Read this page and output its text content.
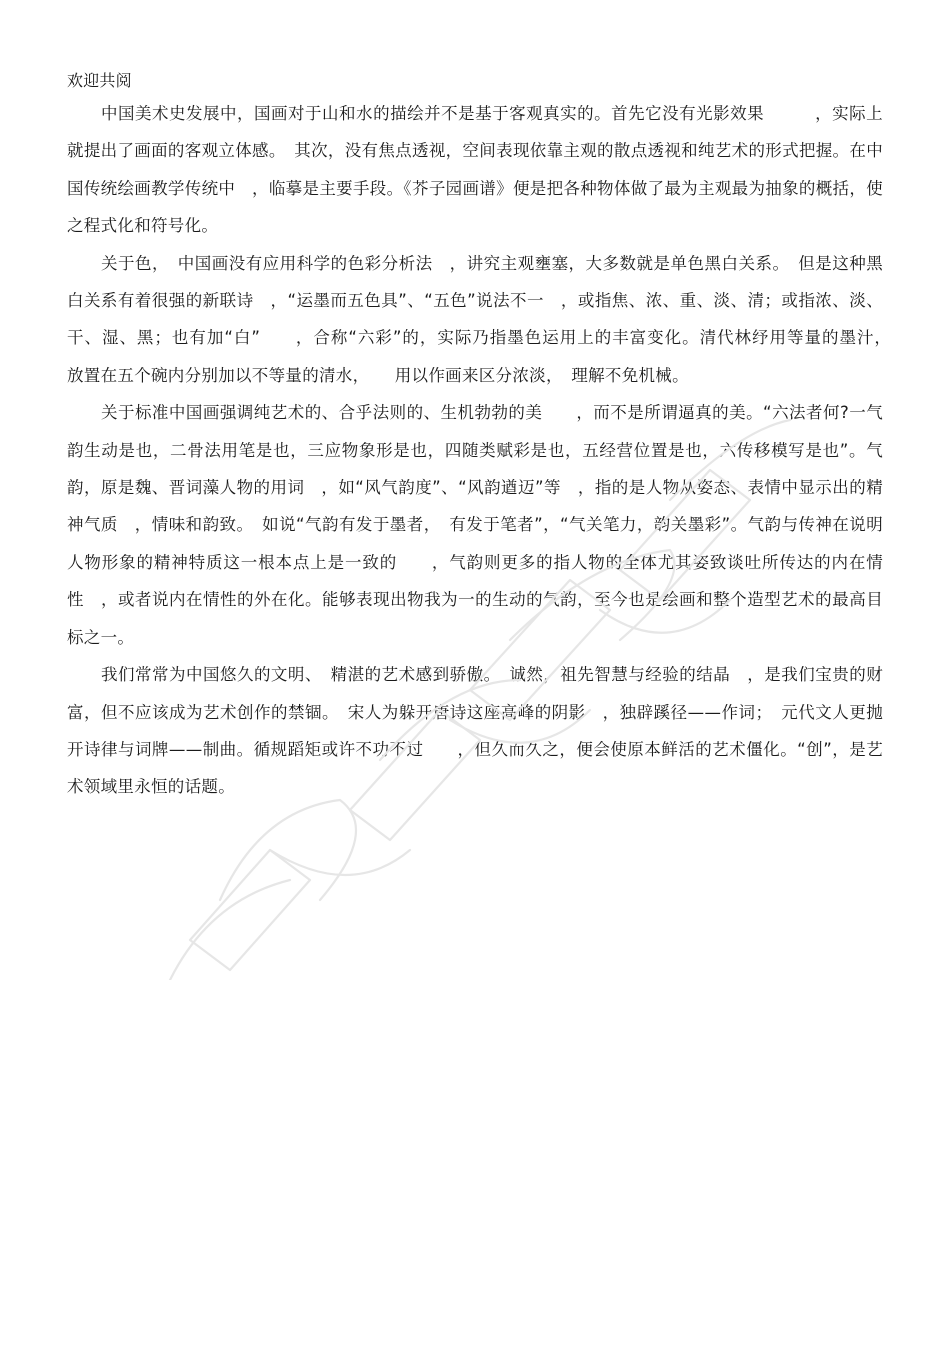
欢迎共阅

中国美术史发展中，国画对于山和水的描绘并不是基于客观真实的。首先它没有光影效果　　　，实际上就提出了画面的客观立体感。　其次，没有焦点透视，空间表现依靠主观的散点透视和纯艺术的形式把握。在中国传统绘画教学传统中　，临摹是主要手段。《芥子园画谱》便是把各种物体做了最为主观最为抽象的概括，使之程式化和符号化。

关于色，　中国画没有应用科学的色彩分析法　，讲究主观壅塞，大多数就是单色黑白关系。　但是这种黑白关系有着很强的新联诗　，“运墨而五色具”、“五色”说法不一　，或指焦、浓、重、淡、清；或指浓、淡、干、湿、黑；也有加“白”　　，合称“六彩”的，实际乃指墨色运用上的丰富变化。清代林纾用等量的墨汁，　放置在五个碗内分别加以不等量的清水，　　用以作画来区分浓淡，　理解不免机械。

关于标准中国画强调纯艺术的、合乎法则的、生机勃勃的美　　，而不是所谓逼真的美。“六法者何?一气韵生动是也，二骨法用笔是也，三应物象形是也，四随类赋彩是也，五经营位置是也，六传移模写是也”。气韵，原是魏、晋词藻人物的用词　，如“风气韵度”、“风韵遒迈”等　，指的是人物从姿态、表情中显示出的精神气质　，情味和韵致。　如说“气韵有发于墨者，　有发于笔者”，“气关笔力，韵关墨彩”。气韵与传神在说明人物形象的精神特质这一根本点上是一致的　　，气韵则更多的指人物的全体尤其姿致谈吐所传达的内在情性　，或者说内在情性的外在化。能够表现出物我为一的生动的气韵，至今也是绘画和整个造型艺术的最高目标之一。

我们常常为中国悠久的文明、　精湛的艺术感到骄傲。　诚然，祖先智慧与经验的结晶　，是我们宝贵的财富，但不应该成为艺术创作的禁锢。　宋人为躲开唐诗这座高峰的阴影　，独辟蹊径——作词；　元代文人更抛开诗律与词牌——制曲。循规蹈矩或许不功不过　　，但久而久之，便会使原本鲜活的艺术僵化。“创”，是艺术领域里永恒的话题。
